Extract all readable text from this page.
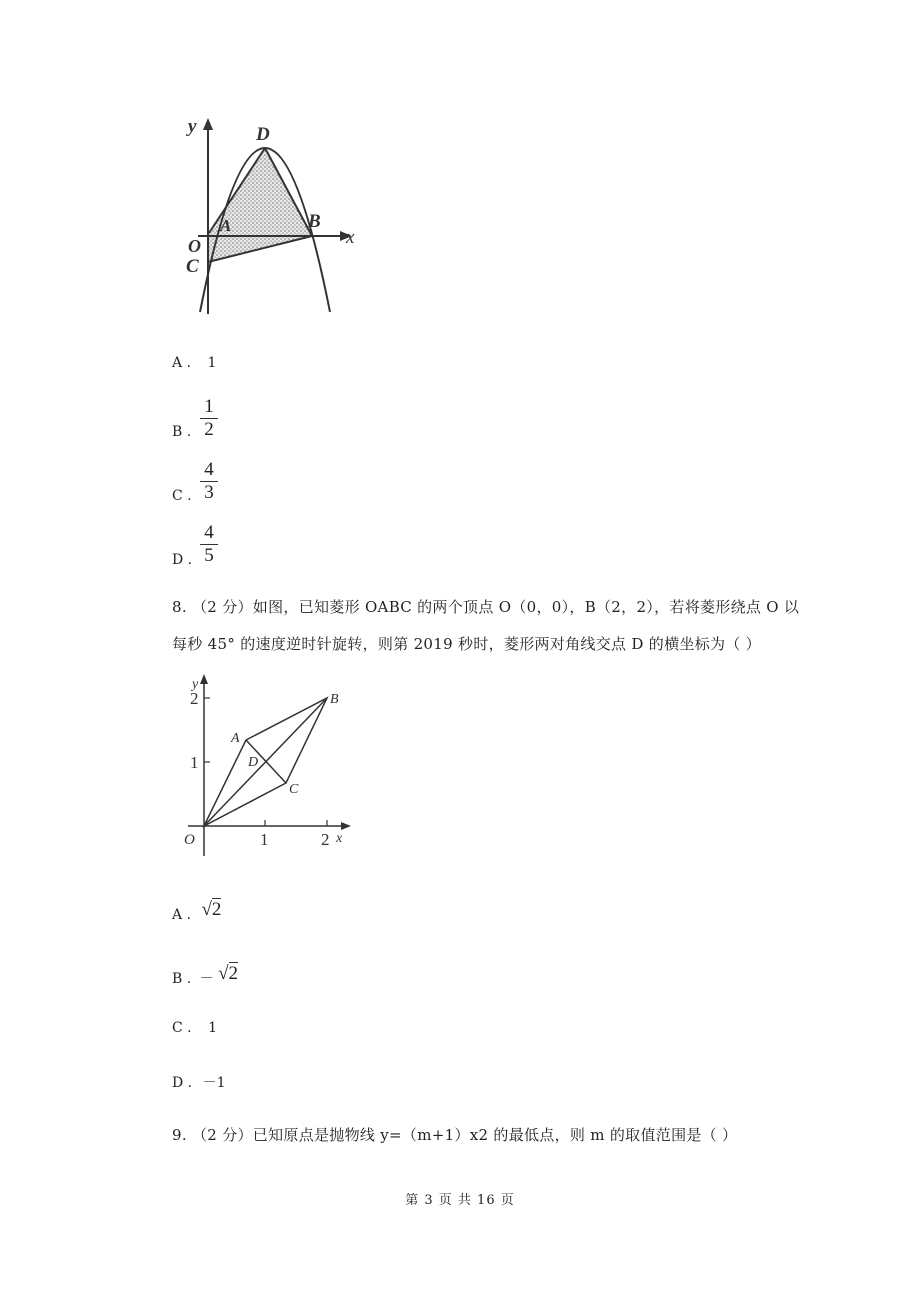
y	D
A	B
x
O
C
A . 1
B .
1
2
C .
4
3
D .
4
5
8. （2 分）如图，已知菱形 OABC 的两个顶点 O（0，0），B（2，2），若将菱形绕点 O 以
每秒 45° 的速度逆时针旋转，则第 2019 秒时，菱形两对角线交点 D 的横坐标为（ ）
y
2
1
O	1	2 x
A
B
D
C
A . √2
B . － √2
C . 1
D . －1
9. （2 分）已知原点是抛物线 y=（m+1）x2 的最低点，则 m 的取值范围是（ ）
第 3 页 共 16 页
